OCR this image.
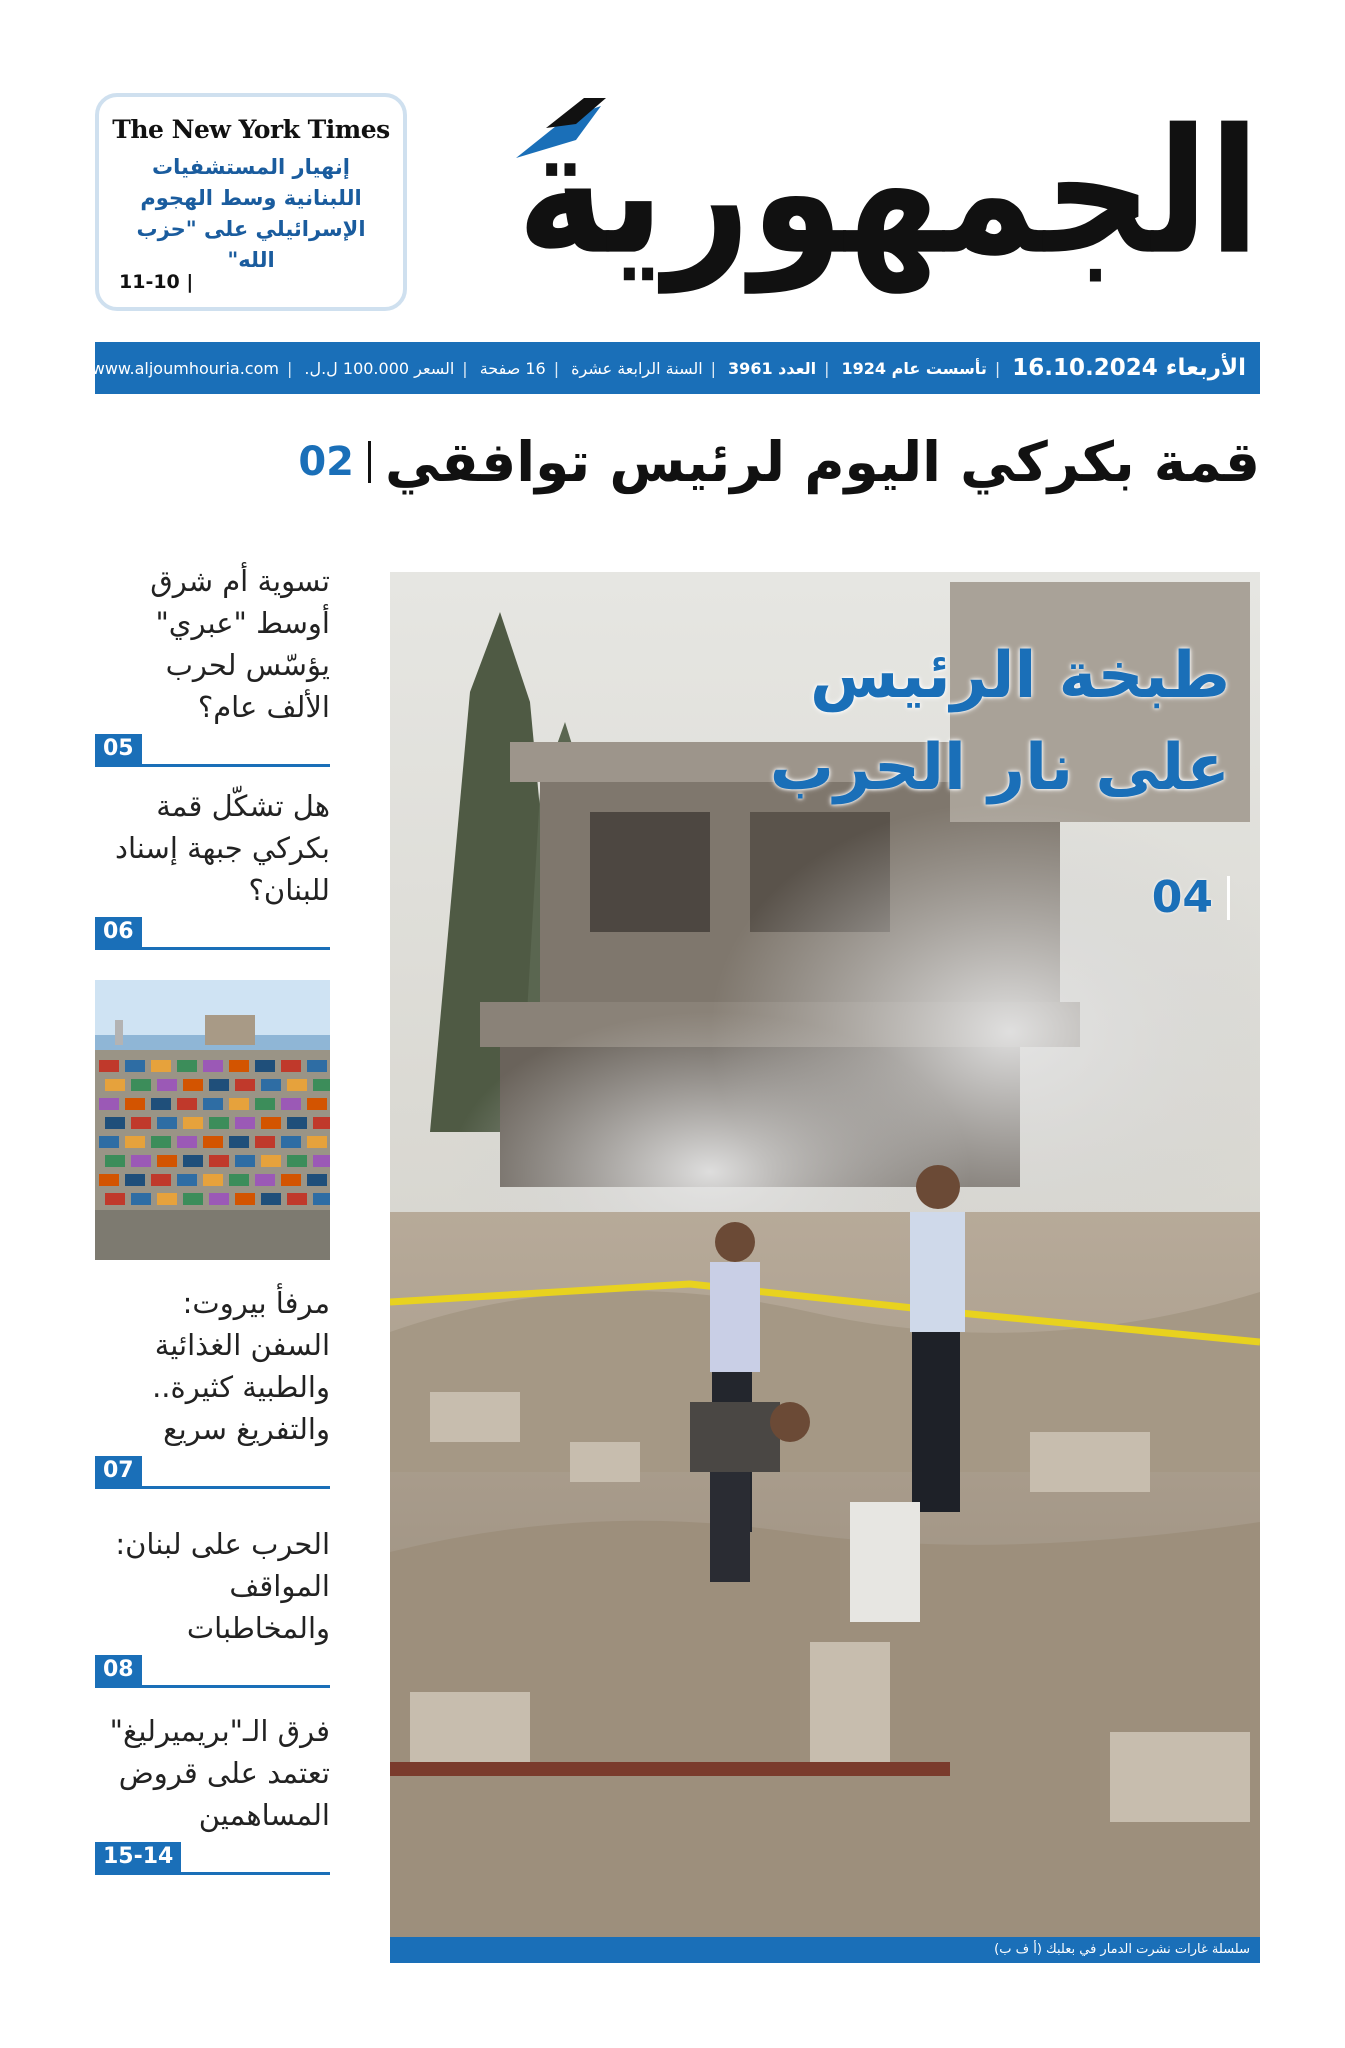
The New York Times
إنهيار المستشفيات اللبنانية وسط الهجوم الإسرائيلي على "حزب الله"
11-10 | الجمهورية
الأربعاء
16.10.2024
|
تأسست عام 1924
|
العدد 3961
|
السنة الرابعة عشرة
|
16 صفحة
|
السعر 100.000 ل.ل.
|
www.aljoumhouria.com
قمة بكركي اليوم لرئيس توافقي
02
تسوية أم شرق أوسط "عبري" يؤسّس لحرب الألف عام؟
05
هل تشكّل قمة بكركي جبهة إسناد للبنان؟
06
مرفأ بيروت: السفن الغذائية والطبية كثيرة.. والتفريغ سريع
07
الحرب على لبنان: المواقف والمخاطبات
08
فرق الـ"بريميرليغ" تعتمد على قروض المساهمين
15-14
طبخة الرئيس
على نار الحرب
04
سلسلة غارات نشرت الدمار في بعلبك (أ ف ب)
